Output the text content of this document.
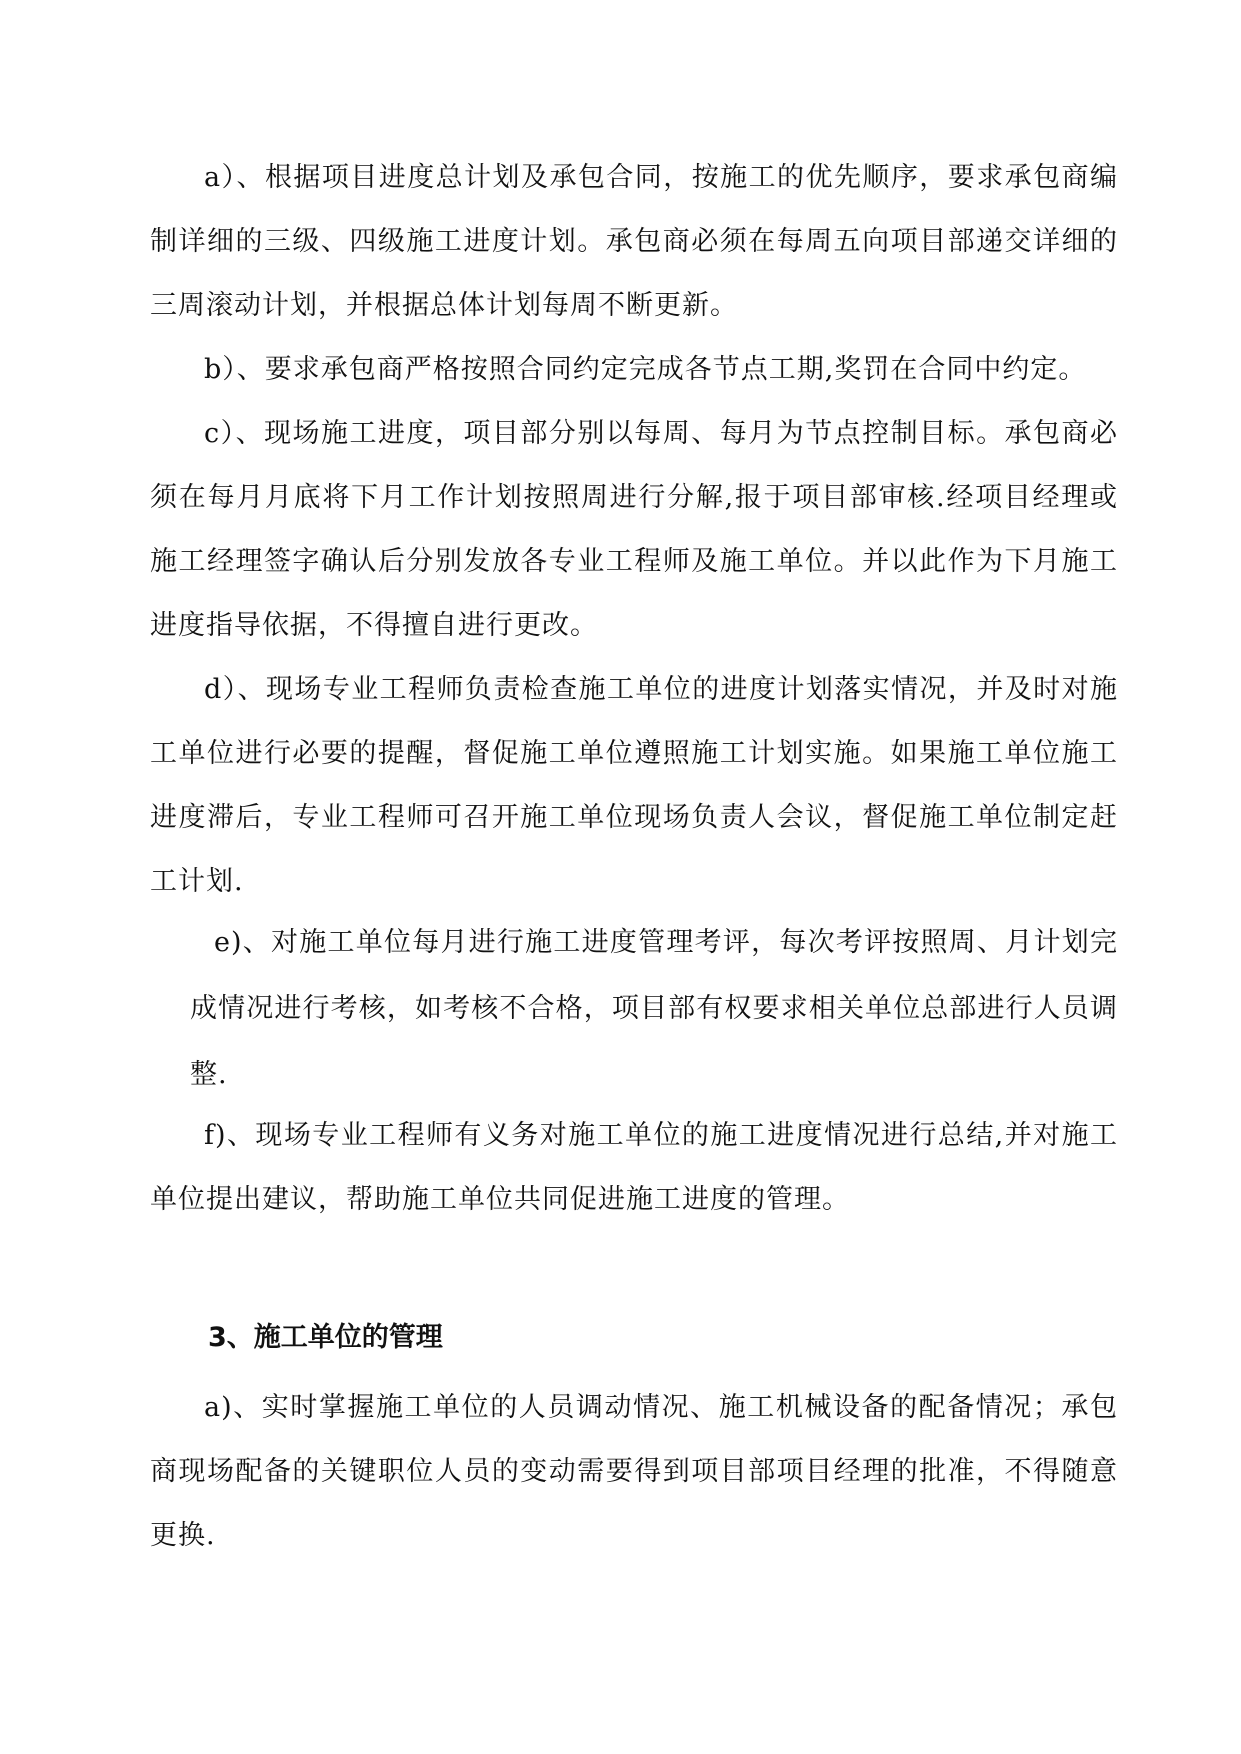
a）、根据项目进度总计划及承包合同，按施工的优先顺序，要求承包商编制详细的三级、四级施工进度计划。承包商必须在每周五向项目部递交详细的三周滚动计划，并根据总体计划每周不断更新。

b）、要求承包商严格按照合同约定完成各节点工期,奖罚在合同中约定。

c）、现场施工进度，项目部分别以每周、每月为节点控制目标。承包商必须在每月月底将下月工作计划按照周进行分解,报于项目部审核.经项目经理或施工经理签字确认后分别发放各专业工程师及施工单位。并以此作为下月施工进度指导依据，不得擅自进行更改。

d）、现场专业工程师负责检查施工单位的进度计划落实情况，并及时对施工单位进行必要的提醒，督促施工单位遵照施工计划实施。如果施工单位施工进度滞后，专业工程师可召开施工单位现场负责人会议，督促施工单位制定赶工计划.

e)、对施工单位每月进行施工进度管理考评，每次考评按照周、月计划完成情况进行考核，如考核不合格，项目部有权要求相关单位总部进行人员调整.

f)、现场专业工程师有义务对施工单位的施工进度情况进行总结,并对施工单位提出建议，帮助施工单位共同促进施工进度的管理。

3、施工单位的管理

a)、实时掌握施工单位的人员调动情况、施工机械设备的配备情况；承包商现场配备的关键职位人员的变动需要得到项目部项目经理的批准，不得随意更换.
